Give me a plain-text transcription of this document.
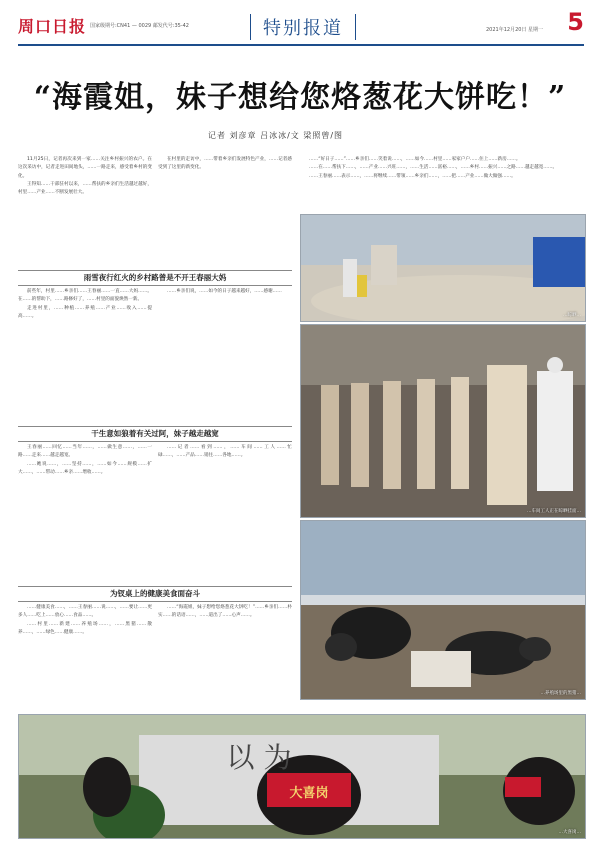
周口日报 国家级期号:CN41 — 0029 邮发代号:35-42	特别报道	2021年12月20日 星期一 5
“海霞姐，妹子想给您烙葱花大饼吃！”
记者 刘彦章 吕冰冰/文 梁照曾/图

11月25日，记者再次来到一家……关注乡村振兴的农户。在这次采访中，记者走进田间地头，……一路走来，感受着乡村的变化。

王得知……干部驻村以来，……帮扶的乡亲们生活越过越好，村里……产业……不断发展壮大。

在村里的走访中，……带着乡亲们发展特色产业，……记者感受到了这里的新变化。

雨雪夜行红火的乡村路曾是不开王春丽大妈

前些年，村里……乡亲们……王春丽……一直……大妈……。在……的帮助下，……路修好了，……村里的面貌焕然一新。

走进村里，……种植……养殖……产业……收入……提高……。

……乡亲们说，……如今的日子越来越好，……感谢……

干生意如狼着有关过阿，妹子越走越宽

王春丽……回忆……当年……，……做生意……，……一路……走来……越走越宽。

……她说……，……坚持……，……如今……规模……扩大……，……带动……乡亲……增收……。

……记者……看到……，……车间……工人……忙碌……，……产品……销往……各地……。

为钗桌上的健康美食面奋斗

……健康美食……，……王春丽……说……，……要让……更多人……吃上……放心……食品……。

……村里……新建……养殖场……，……黑猪……散养……，……绿色……健康……。

……“海霞姐，妹子想给您烙葱花大饼吃！”……乡亲们……朴实……的话语……，……道出了……心声……。

……“好日子……”……乡亲们……笑着说……，……如今……村里……家家户户……住上……新房……。

……在……帮扶下……，……产业……兴旺……，……生活……富裕……，……乡村……振兴……之路……越走越宽……。

……王春丽……表示……，……将继续……带领……乡亲们……，……把……产业……做大做强……。

…晾晒…
…车间工人正在晾晒挂面…
…养殖场里的黑猪…
大喜岗
以 为
…大喜岗…
